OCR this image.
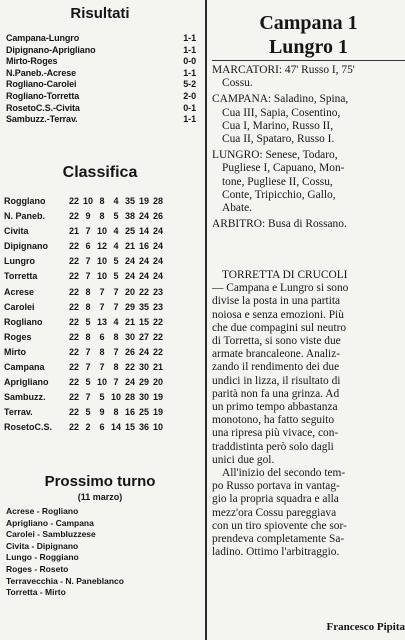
Risultati
Campana-Lungro	1-1
Dipignano-Aprigliano	1-1
Mirto-Roges	0-0
N.Paneb.-Acrese	1-1
Rogliano-Carolei	5-2
Rogliano-Torretta	2-0
RosetoC.S.-Civita	0-1
Sambuzz.-Terrav.	1-1
Classifica
Rogglano	22 10 8 4 35 19 28
N. Paneb.	22 9 8 5 38 24 26
Civita	21 7 10 4 25 14 24
Dipignano	22 6 12 4 21 16 24
Lungro	22 7 10 5 24 24 24
Torretta	22 7 10 5 24 24 24
Acrese	22 8 7 7 20 22 23
Carolei	22 8 7 7 29 35 23
Rogliano	22 5 13 4 21 15 22
Roges	22 8 6 8 30 27 22
Mirto	22 7 8 7 26 24 22
Campana	22 7 7 8 22 30 21
Aprigliano	22 5 10 7 24 29 20
Sambuzz.	22 7 5 10 28 30 19
Terrav.	22 5 9 8 16 25 19
RosetoC.S.	22 2 6 14 15 36 10
Prossimo turno
(11 marzo)
Acrese - Rogliano
Aprigliano - Campana
Carolei - Sambluzzese
Civita - Dipignano
Lungo - Roggiano
Roges - Roseto
Terravecchia - N. Paneblanco
Torretta - Mirto
Campana 1
Lungro 1
MARCATORI: 47' Russo I, 75'
Cossu.
CAMPANA: Saladino, Spina,
Cua III, Sapia, Cosentino,
Cua I, Marino, Russo II,
Cua II, Spataro, Russo I.
LUNGRO: Senese, Todaro,
Pugliese I, Capuano, Mon-
tone, Pugliese II, Cossu,
Conte, Tripicchio, Gallo,
Abate.
ARBITRO: Busa di Rossano.
TORRETTA DI CRUCOLI
— Campana e Lungro si sono
divise la posta in una partita
noiosa e senza emozioni. Più
che due compagini sul neutro
di Torretta, si sono viste due
armate brancaleone. Analiz-
zando il rendimento dei due
undici in lizza, il risultato di
parità non fa una grinza. Ad
un primo tempo abbastanza
monotono, ha fatto seguito
una ripresa più vivace, con-
traddistinta però solo dagli
unici due gol.
All'inizio del secondo tem-
po Russo portava in vantag-
gio la propria squadra e alla
mezz'ora Cossu pareggiava
con un tiro spiovente che sor-
prendeva completamente Sa-
ladino. Ottimo l'arbitraggio.
Francesco Pipita
